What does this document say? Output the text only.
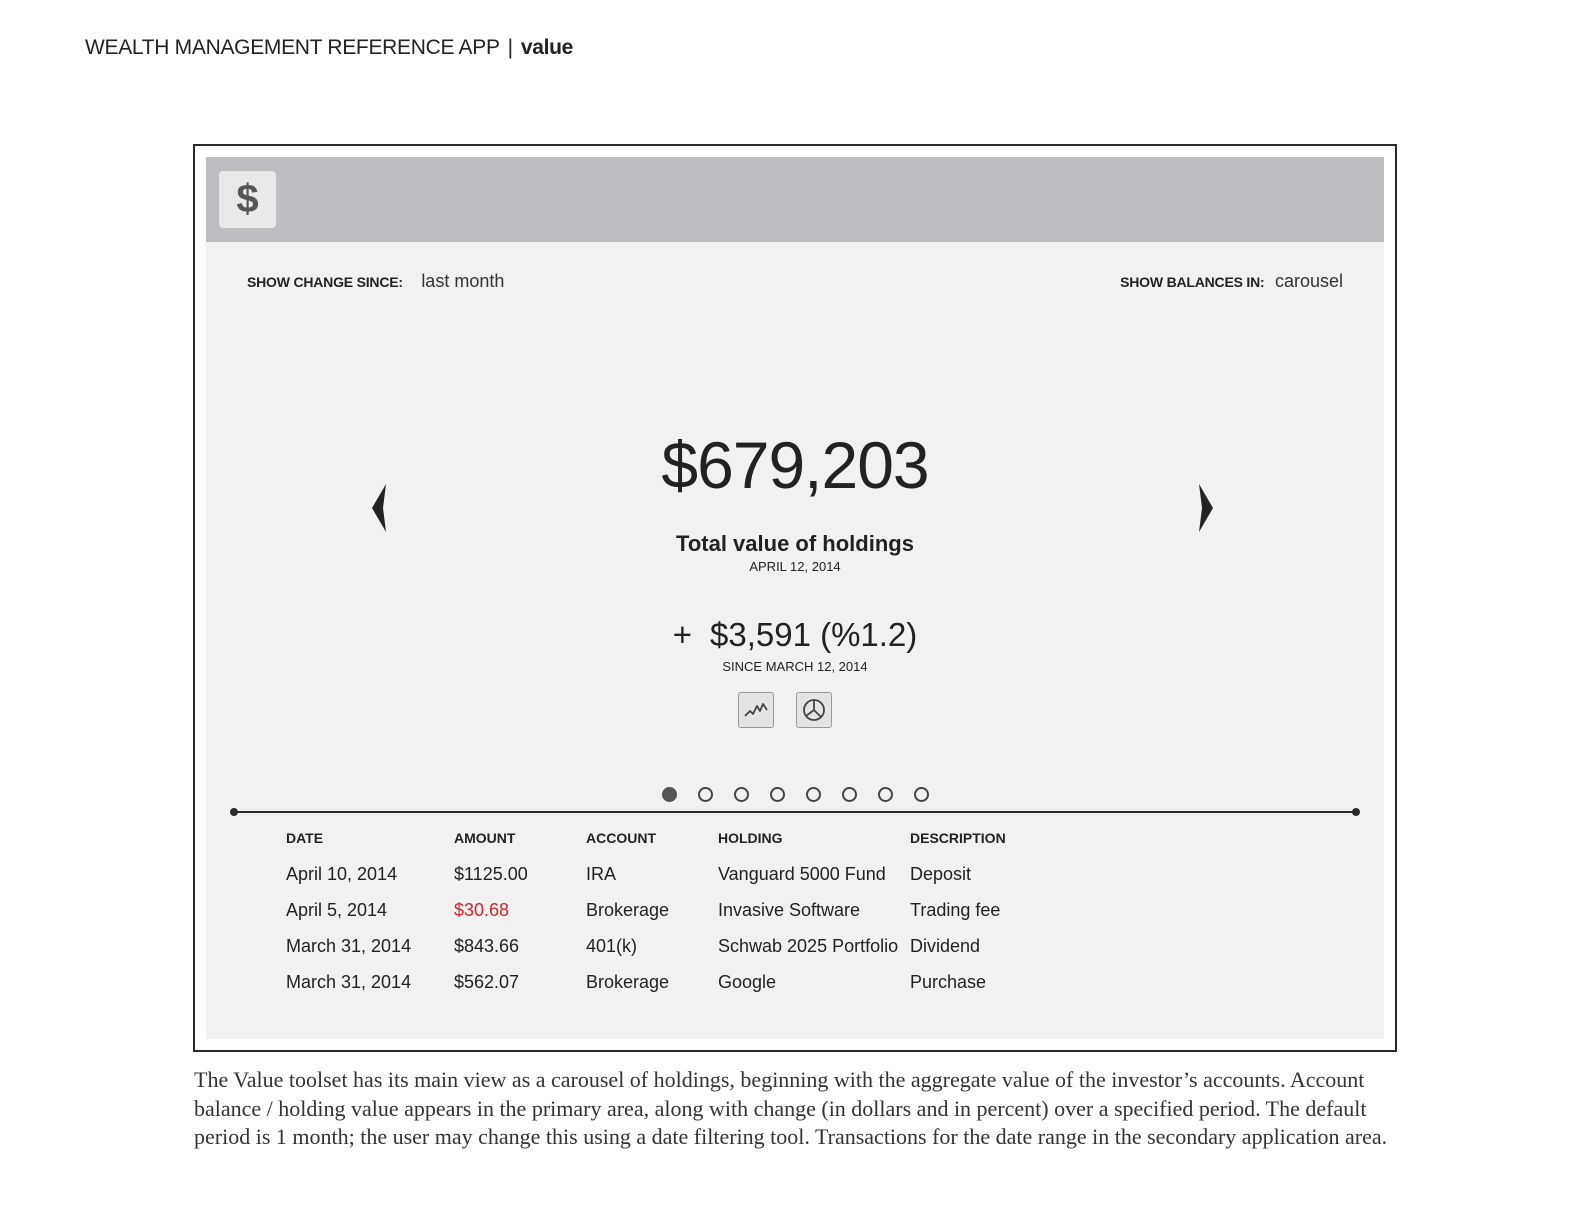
WEALTH MANAGEMENT REFERENCE APP | value
$
SHOW CHANGE SINCE: last month	SHOW BALANCES IN: carousel
$679,203
Total value of holdings
APRIL 12, 2014
+ $3,591 (%1.2)
SINCE MARCH 12, 2014
DATE	AMOUNT	ACCOUNT	HOLDING	DESCRIPTION
April 10, 2014	$1125.00	IRA	Vanguard 5000 Fund	Deposit
April 5, 2014	$30.68	Brokerage	Invasive Software	Trading fee
March 31, 2014	$843.66	401(k)	Schwab 2025 Portfolio	Dividend
March 31, 2014	$562.07	Brokerage	Google	Purchase

The Value toolset has its main view as a carousel of holdings, beginning with the aggregate value of the investor’s accounts. Account balance / holding value appears in the primary area, along with change (in dollars and in percent) over a specified period. The default period is 1 month; the user may change this using a date filtering tool. Transactions for the date range in the secondary application area.
